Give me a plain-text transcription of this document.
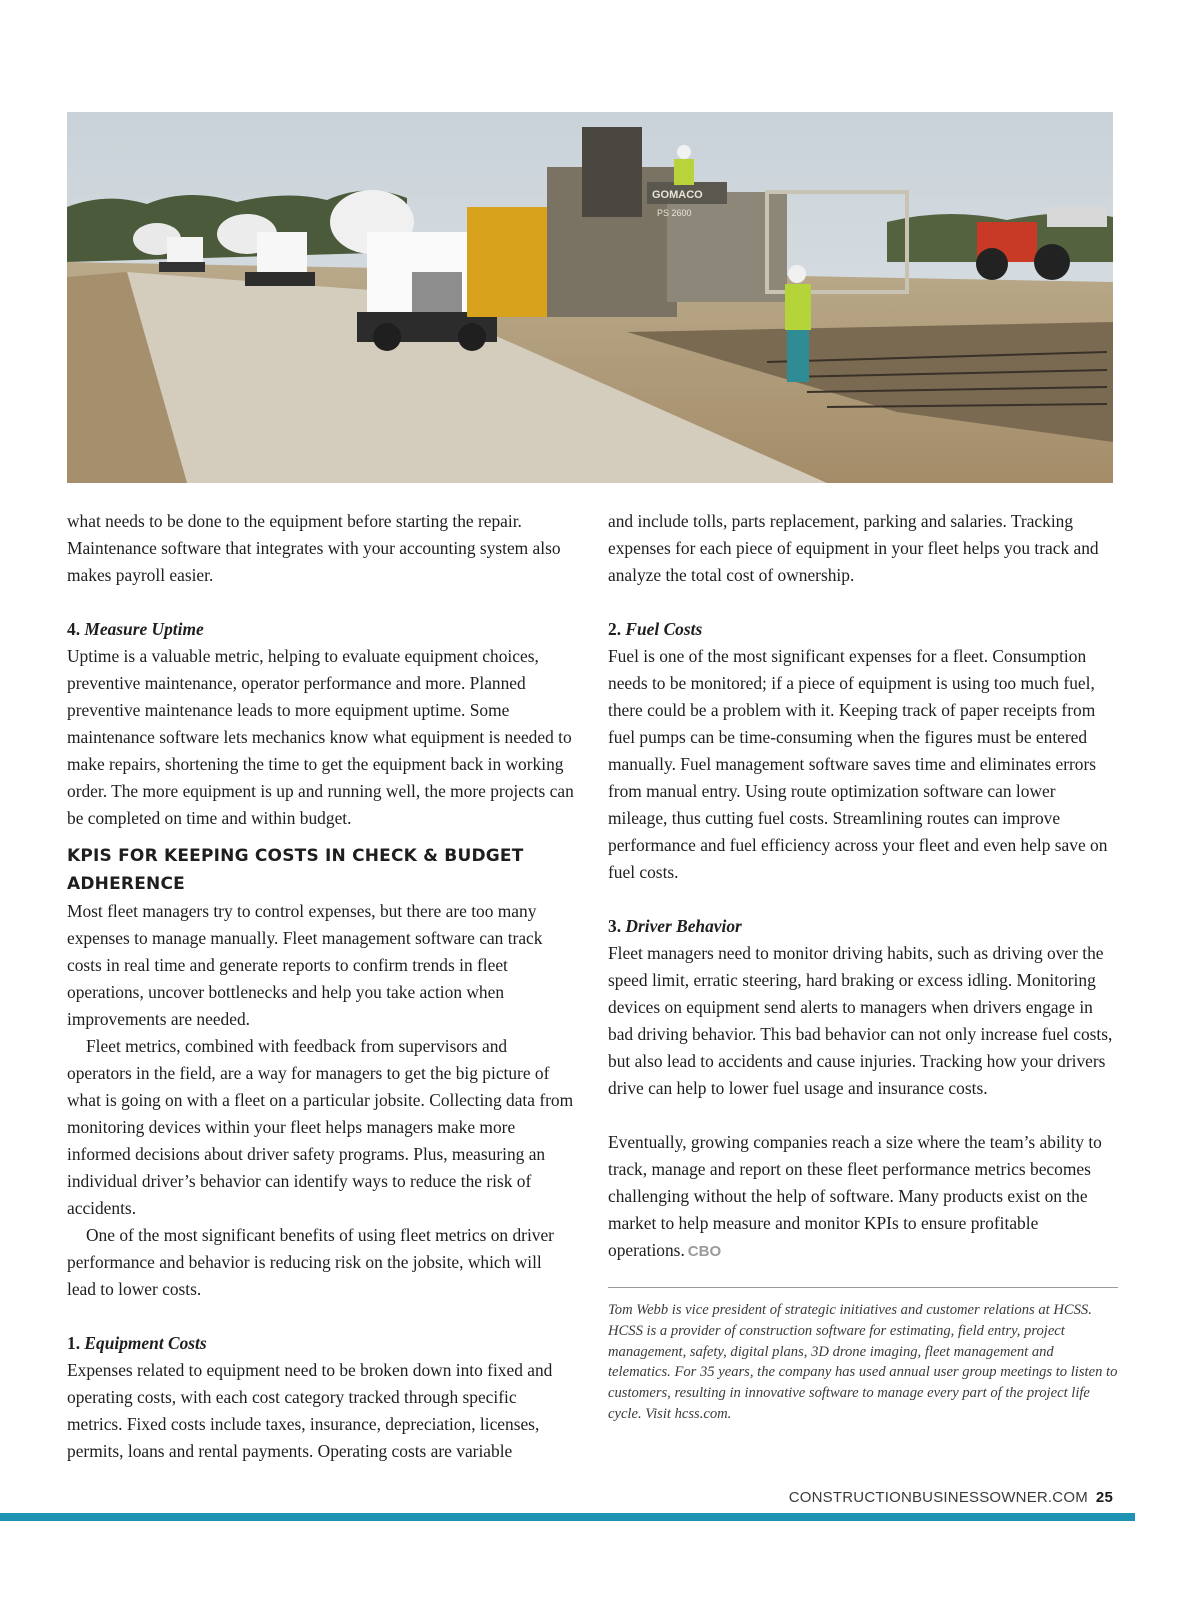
GOMACO
PS 2600

what needs to be done to the equipment before starting the repair. Maintenance software that integrates with your accounting system also makes payroll easier.

4. Measure Uptime

Uptime is a valuable metric, helping to evaluate equipment choices, preventive maintenance, operator performance and more. Planned preventive maintenance leads to more equipment uptime. Some maintenance software lets mechanics know what equipment is needed to make repairs, shortening the time to get the equipment back in working order. The more equipment is up and running well, the more projects can be completed on time and within budget.

KPIS FOR KEEPING COSTS IN CHECK & BUDGET ADHERENCE

Most fleet managers try to control expenses, but there are too many expenses to manage manually. Fleet management software can track costs in real time and generate reports to confirm trends in fleet operations, uncover bottlenecks and help you take action when improvements are needed.

Fleet metrics, combined with feedback from supervisors and operators in the field, are a way for managers to get the big picture of what is going on with a fleet on a particular jobsite. Collecting data from monitoring devices within your fleet helps managers make more informed decisions about driver safety programs. Plus, measuring an individual driver’s behavior can identify ways to reduce the risk of accidents.

One of the most significant benefits of using fleet metrics on driver performance and behavior is reducing risk on the jobsite, which will lead to lower costs.

1. Equipment Costs

Expenses related to equipment need to be broken down into fixed and operating costs, with each cost category tracked through specific metrics. Fixed costs include taxes, insurance, depreciation, licenses, permits, loans and rental payments. Operating costs are variable

and include tolls, parts replacement, parking and salaries. Tracking expenses for each piece of equipment in your fleet helps you track and analyze the total cost of ownership.

2. Fuel Costs

Fuel is one of the most significant expenses for a fleet. Consumption needs to be monitored; if a piece of equipment is using too much fuel, there could be a problem with it. Keeping track of paper receipts from fuel pumps can be time-consuming when the figures must be entered manually. Fuel management software saves time and eliminates errors from manual entry. Using route optimization software can lower mileage, thus cutting fuel costs. Streamlining routes can improve performance and fuel efficiency across your fleet and even help save on fuel costs.

3. Driver Behavior

Fleet managers need to monitor driving habits, such as driving over the speed limit, erratic steering, hard braking or excess idling. Monitoring devices on equipment send alerts to managers when drivers engage in bad driving behavior. This bad behavior can not only increase fuel costs, but also lead to accidents and cause injuries. Tracking how your drivers drive can help to lower fuel usage and insurance costs.

Eventually, growing companies reach a size where the team’s ability to track, manage and report on these fleet performance metrics becomes challenging without the help of software. Many products exist on the market to help measure and monitor KPIs to ensure profitable operations. CBO

Tom Webb is vice president of strategic initiatives and customer relations at HCSS. HCSS is a provider of construction software for estimating, field entry, project management, safety, digital plans, 3D drone imaging, fleet management and telematics. For 35 years, the company has used annual user group meetings to listen to customers, resulting in innovative software to manage every part of the project life cycle. Visit hcss.com.

CONSTRUCTIONBUSINESSOWNER.COM 25
